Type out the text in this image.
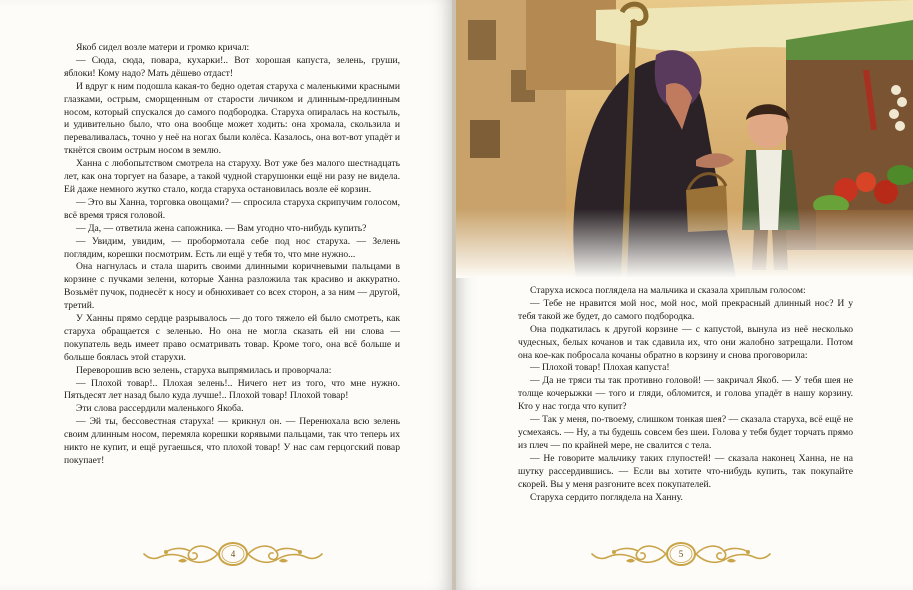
Якоб сидел возле матери и громко кричал:

— Сюда, сюда, повара, кухарки!.. Вот хорошая капуста, зелень, груши, яблоки! Кому надо? Мать дёшево отдаст!

И вдруг к ним подошла какая-то бедно одетая старуха с маленькими красными глазками, острым, сморщенным от старости личиком и длинным-предлинным носом, который спускался до самого подбородка. Старуха опиралась на костыль, и удивительно было, что она вообще может ходить: она хромала, скользила и переваливалась, точно у неё на ногах были колёса. Казалось, она вот-вот упадёт и ткнётся своим острым носом в землю.

Ханна с любопытством смотрела на старуху. Вот уже без малого шестнадцать лет, как она торгует на базаре, а такой чудной старушонки ещё ни разу не видела. Ей даже немного жутко стало, когда старуха остановилась возле её корзин.

— Это вы Ханна, торговка овощами? — спросила старуха скрипучим голосом, всё время тряся головой.

— Да, — ответила жена сапожника. — Вам угодно что-нибудь купить?

— Увидим, увидим, — пробормотала себе под нос старуха. — Зелень поглядим, корешки посмотрим. Есть ли ещё у тебя то, что мне нужно...

Она нагнулась и стала шарить своими длинными коричневыми пальцами в корзине с пучками зелени, которые Ханна разложила так красиво и аккуратно. Возьмёт пучок, поднесёт к носу и обнюхивает со всех сторон, а за ним — другой, третий.

У Ханны прямо сердце разрывалось — до того тяжело ей было смотреть, как старуха обращается с зеленью. Но она не могла сказать ей ни слова — покупатель ведь имеет право осматривать товар. Кроме того, она всё больше и больше боялась этой старухи.

Переворошив всю зелень, старуха выпрямилась и проворчала:

— Плохой товар!.. Плохая зелень!.. Ничего нет из того, что мне нужно. Пятьдесят лет назад было куда лучше!.. Плохой товар! Плохой товар!

Эти слова рассердили маленького Якоба.

— Эй ты, бессовестная старуха! — крикнул он. — Перенюхала всю зелень своим длинным носом, перемяла корешки корявыми пальцами, так что теперь их никто не купит, и ещё ругаешься, что плохой товар! У нас сам герцогский повар покупает!

4

Старуха искоса поглядела на мальчика и сказала хриплым голосом:

— Тебе не нравится мой нос, мой нос, мой прекрасный длинный нос? И у тебя такой же будет, до самого подбородка.

Она подкатилась к другой корзине — с капустой, вынула из неё несколько чудесных, белых кочанов и так сдавила их, что они жалобно затрещали. Потом она кое-как побросала кочаны обратно в корзину и снова проговорила:

— Плохой товар! Плохая капуста!

— Да не тряси ты так противно головой! — закричал Якоб. — У тебя шея не толще кочерыжки — того и гляди, обломится, и голова упадёт в нашу корзину. Кто у нас тогда что купит?

— Так у меня, по-твоему, слишком тонкая шея? — сказала старуха, всё ещё не усмехаясь. — Ну, а ты будешь совсем без шеи. Голова у тебя будет торчать прямо из плеч — по крайней мере, не свалится с тела.

— Не говорите мальчику таких глупостей! — сказала наконец Ханна, не на шутку рассердившись. — Если вы хотите что-нибудь купить, так покупайте скорей. Вы у меня разгоните всех покупателей.

Старуха сердито поглядела на Ханну.

5
